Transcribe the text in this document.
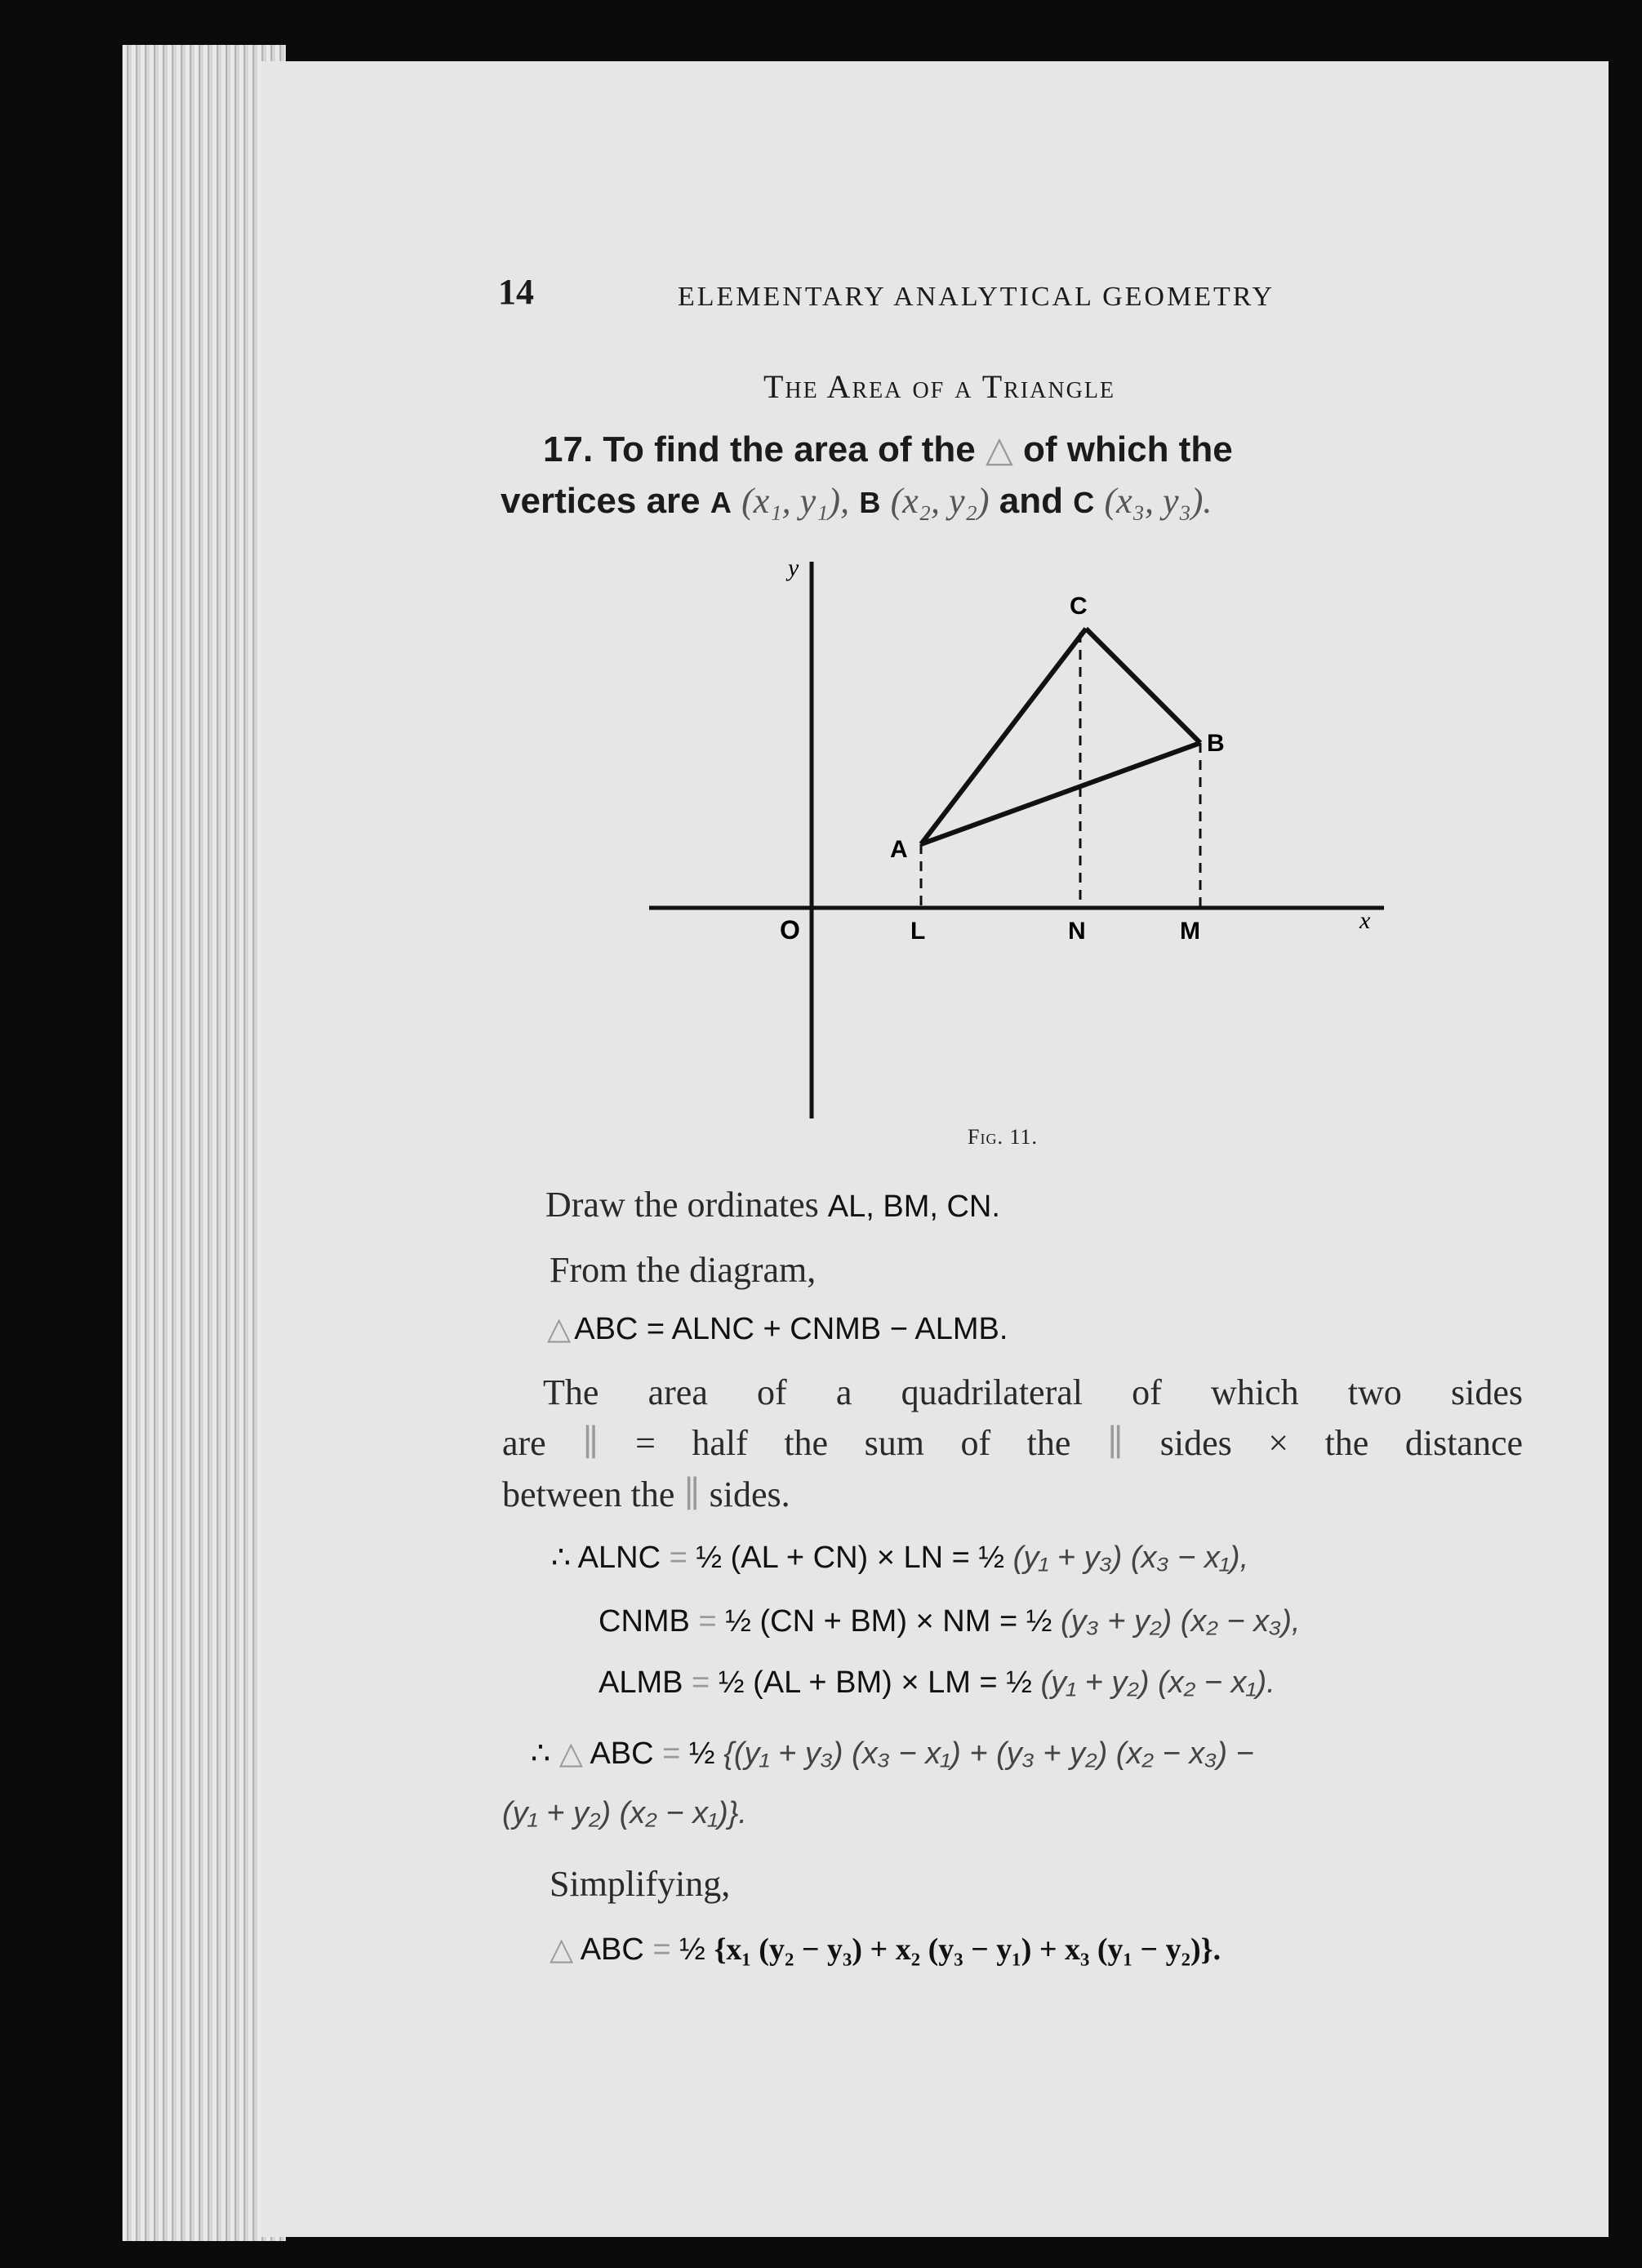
14	ELEMENTARY ANALYTICAL GEOMETRY
The Area of a Triangle
17. To find the area of the △ of which the
vertices are A (x₁, y₁), B (x₂, y₂) and C (x₃, y₃).
y
x
O
A
B
C
L	N	M
Fig. 11.
Draw the ordinates AL, BM, CN.
From the diagram,
△ ABC = ALNC + CNMB − ALMB.
The area of a quadrilateral of which two sides
are ∥ = half the sum of the ∥ sides × the distance
between the ∥ sides.
∴ ALNC = ½ (AL + CN) × LN = ½ (y₁ + y₃) (x₃ − x₁),
CNMB = ½ (CN + BM) × NM = ½ (y₃ + y₂) (x₂ − x₃),
ALMB = ½ (AL + BM) × LM = ½ (y₁ + y₂) (x₂ − x₁).
∴ △ ABC = ½ {(y₁ + y₃) (x₃ − x₁) + (y₃ + y₂) (x₂ − x₃) −
(y₁ + y₂) (x₂ − x₁)}.
Simplifying,
△ ABC = ½ {x₁ (y₂ − y₃) + x₂ (y₃ − y₁) + x₃ (y₁ − y₂)}.
